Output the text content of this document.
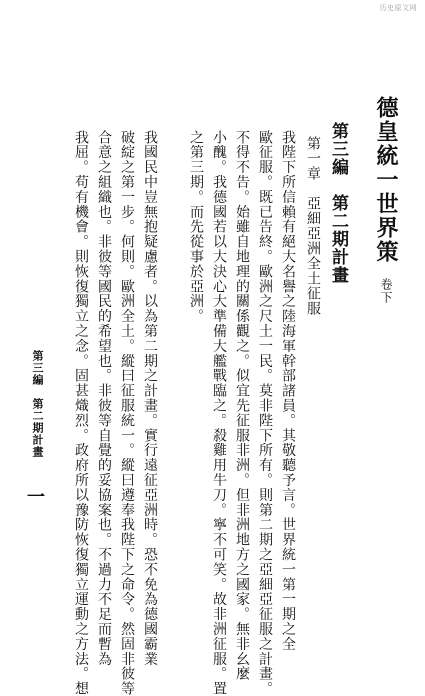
历史原文网
德皇統一世界策
卷下
第三編　第二期計畫
第一章　亞細亞洲全土征服
我陛下所信賴有絕大名譽之陸海軍幹部諸員。其敬聽予言。世界統一第一期之全
歐征服。既已告終。歐洲之尺土一民。莫非陛下所有。則第二期之亞細亞征服之計畫。
不得不告。始雖自地理的關係觀之。似宜先征服非洲。但非洲地方之國家。無非幺麼
小醜。我德國若以大決心大準備大艦戰臨之。殺雞用牛刀。寧不可笑。故非洲征服。置
之第三期。而先從事於亞洲。
我國民中豈無抱疑慮者。以為第二期之計畫。實行遠征亞洲時。恐不免為德國霸業
破綻之第一步。何則。歐洲全土。縱曰征服統一。縱曰遵奉我陛下之命令。然固非彼等
合意之組織也。非彼等國民的希望也。非彼等自覺的妥協案也。不過力不足而暫為
我屈。苟有機會。則恢復獨立之念。固甚熾烈。政府所以豫防恢復獨立運動之方法。想
第三編　第二期計畫
一
